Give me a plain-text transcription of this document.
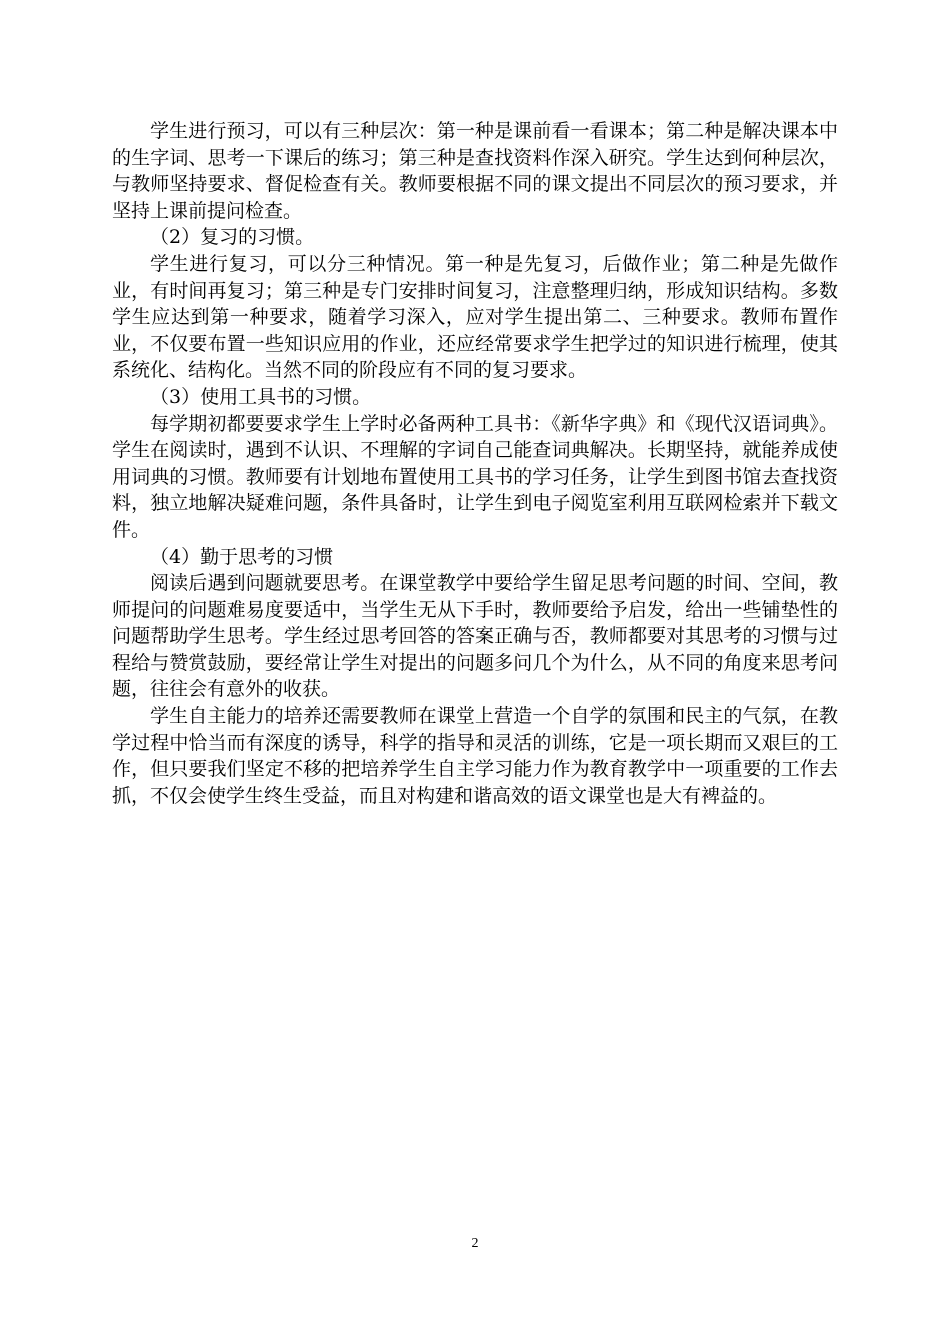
学生进行预习，可以有三种层次：第一种是课前看一看课本；第二种是解决课本中的生字词、思考一下课后的练习；第三种是查找资料作深入研究。学生达到何种层次，与教师坚持要求、督促检查有关。教师要根据不同的课文提出不同层次的预习要求，并坚持上课前提问检查。

（2）复习的习惯。

学生进行复习，可以分三种情况。第一种是先复习，后做作业；第二种是先做作业，有时间再复习；第三种是专门安排时间复习，注意整理归纳，形成知识结构。多数学生应达到第一种要求，随着学习深入，应对学生提出第二、三种要求。教师布置作业，不仅要布置一些知识应用的作业，还应经常要求学生把学过的知识进行梳理，使其系统化、结构化。当然不同的阶段应有不同的复习要求。

（3）使用工具书的习惯。

每学期初都要要求学生上学时必备两种工具书：《新华字典》和《现代汉语词典》。学生在阅读时，遇到不认识、不理解的字词自己能查词典解决。长期坚持，就能养成使用词典的习惯。教师要有计划地布置使用工具书的学习任务，让学生到图书馆去查找资料，独立地解决疑难问题，条件具备时，让学生到电子阅览室利用互联网检索并下载文件。

（4）勤于思考的习惯

阅读后遇到问题就要思考。在课堂教学中要给学生留足思考问题的时间、空间，教师提问的问题难易度要适中，当学生无从下手时，教师要给予启发，给出一些铺垫性的问题帮助学生思考。学生经过思考回答的答案正确与否，教师都要对其思考的习惯与过程给与赞赏鼓励，要经常让学生对提出的问题多问几个为什么，从不同的角度来思考问题，往往会有意外的收获。

学生自主能力的培养还需要教师在课堂上营造一个自学的氛围和民主的气氛，在教学过程中恰当而有深度的诱导，科学的指导和灵活的训练，它是一项长期而又艰巨的工作，但只要我们坚定不移的把培养学生自主学习能力作为教育教学中一项重要的工作去抓，不仅会使学生终生受益，而且对构建和谐高效的语文课堂也是大有裨益的。

2
